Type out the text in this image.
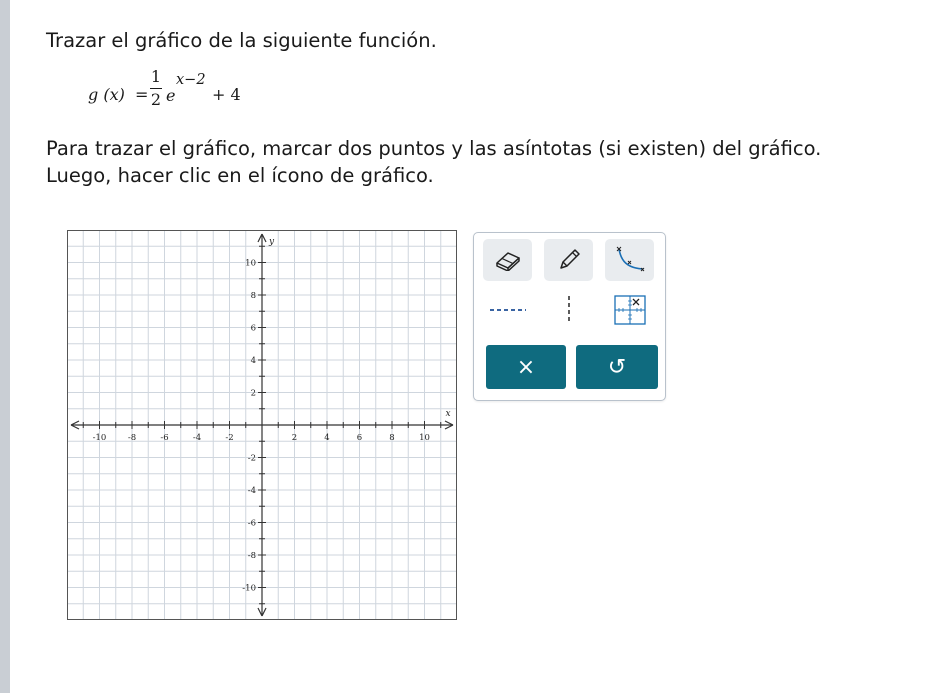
Trazar el gráfico de la siguiente función.

g (x) =
1
2 e
x−2
+ 4

Para trazar el gráfico, marcar dos puntos y las asíntotas (si existen) del gráfico.

Luego, hacer clic en el ícono de gráfico.

-10	-8	-6	-4	-2	2	4	6	8	10
10
8
6
4
2
-2
-4
-6
-8
-10
x
y
×	↺
